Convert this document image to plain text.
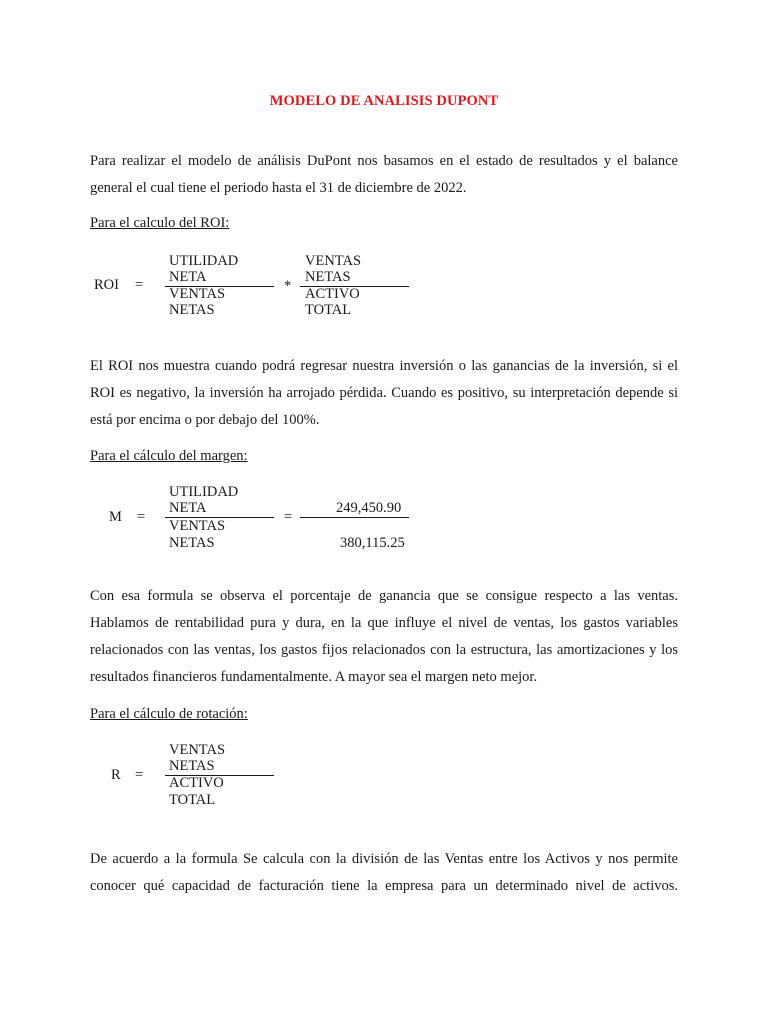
MODELO DE ANALISIS DUPONT
Para realizar el modelo de análisis DuPont nos basamos en el estado de resultados y el balance general el cual tiene el periodo hasta el 31 de diciembre de 2022.
Para el calculo del ROI:
ROI =
UTILIDAD
NETA
VENTAS
NETAS
*
VENTAS
NETAS
ACTIVO
TOTAL
El ROI nos muestra cuando podrá regresar nuestra inversión o las ganancias de la inversión, si el ROI es negativo, la inversión ha arrojado pérdida. Cuando es positivo, su interpretación depende si está por encima o por debajo del 100%.
Para el cálculo del margen:
M =
UTILIDAD
NETA
VENTAS
NETAS
=
249,450.90
380,115.25
Con esa formula se observa el porcentaje de ganancia que se consigue respecto a las ventas. Hablamos de rentabilidad pura y dura, en la que influye el nivel de ventas, los gastos variables relacionados con las ventas, los gastos fijos relacionados con la estructura, las amortizaciones y los resultados financieros fundamentalmente. A mayor sea el margen neto mejor.
Para el cálculo de rotación:
R =
VENTAS
NETAS
ACTIVO
TOTAL
De acuerdo a la formula Se calcula con la división de las Ventas entre los Activos y nos permite conocer qué capacidad de facturación tiene la empresa para un determinado nivel de activos.
